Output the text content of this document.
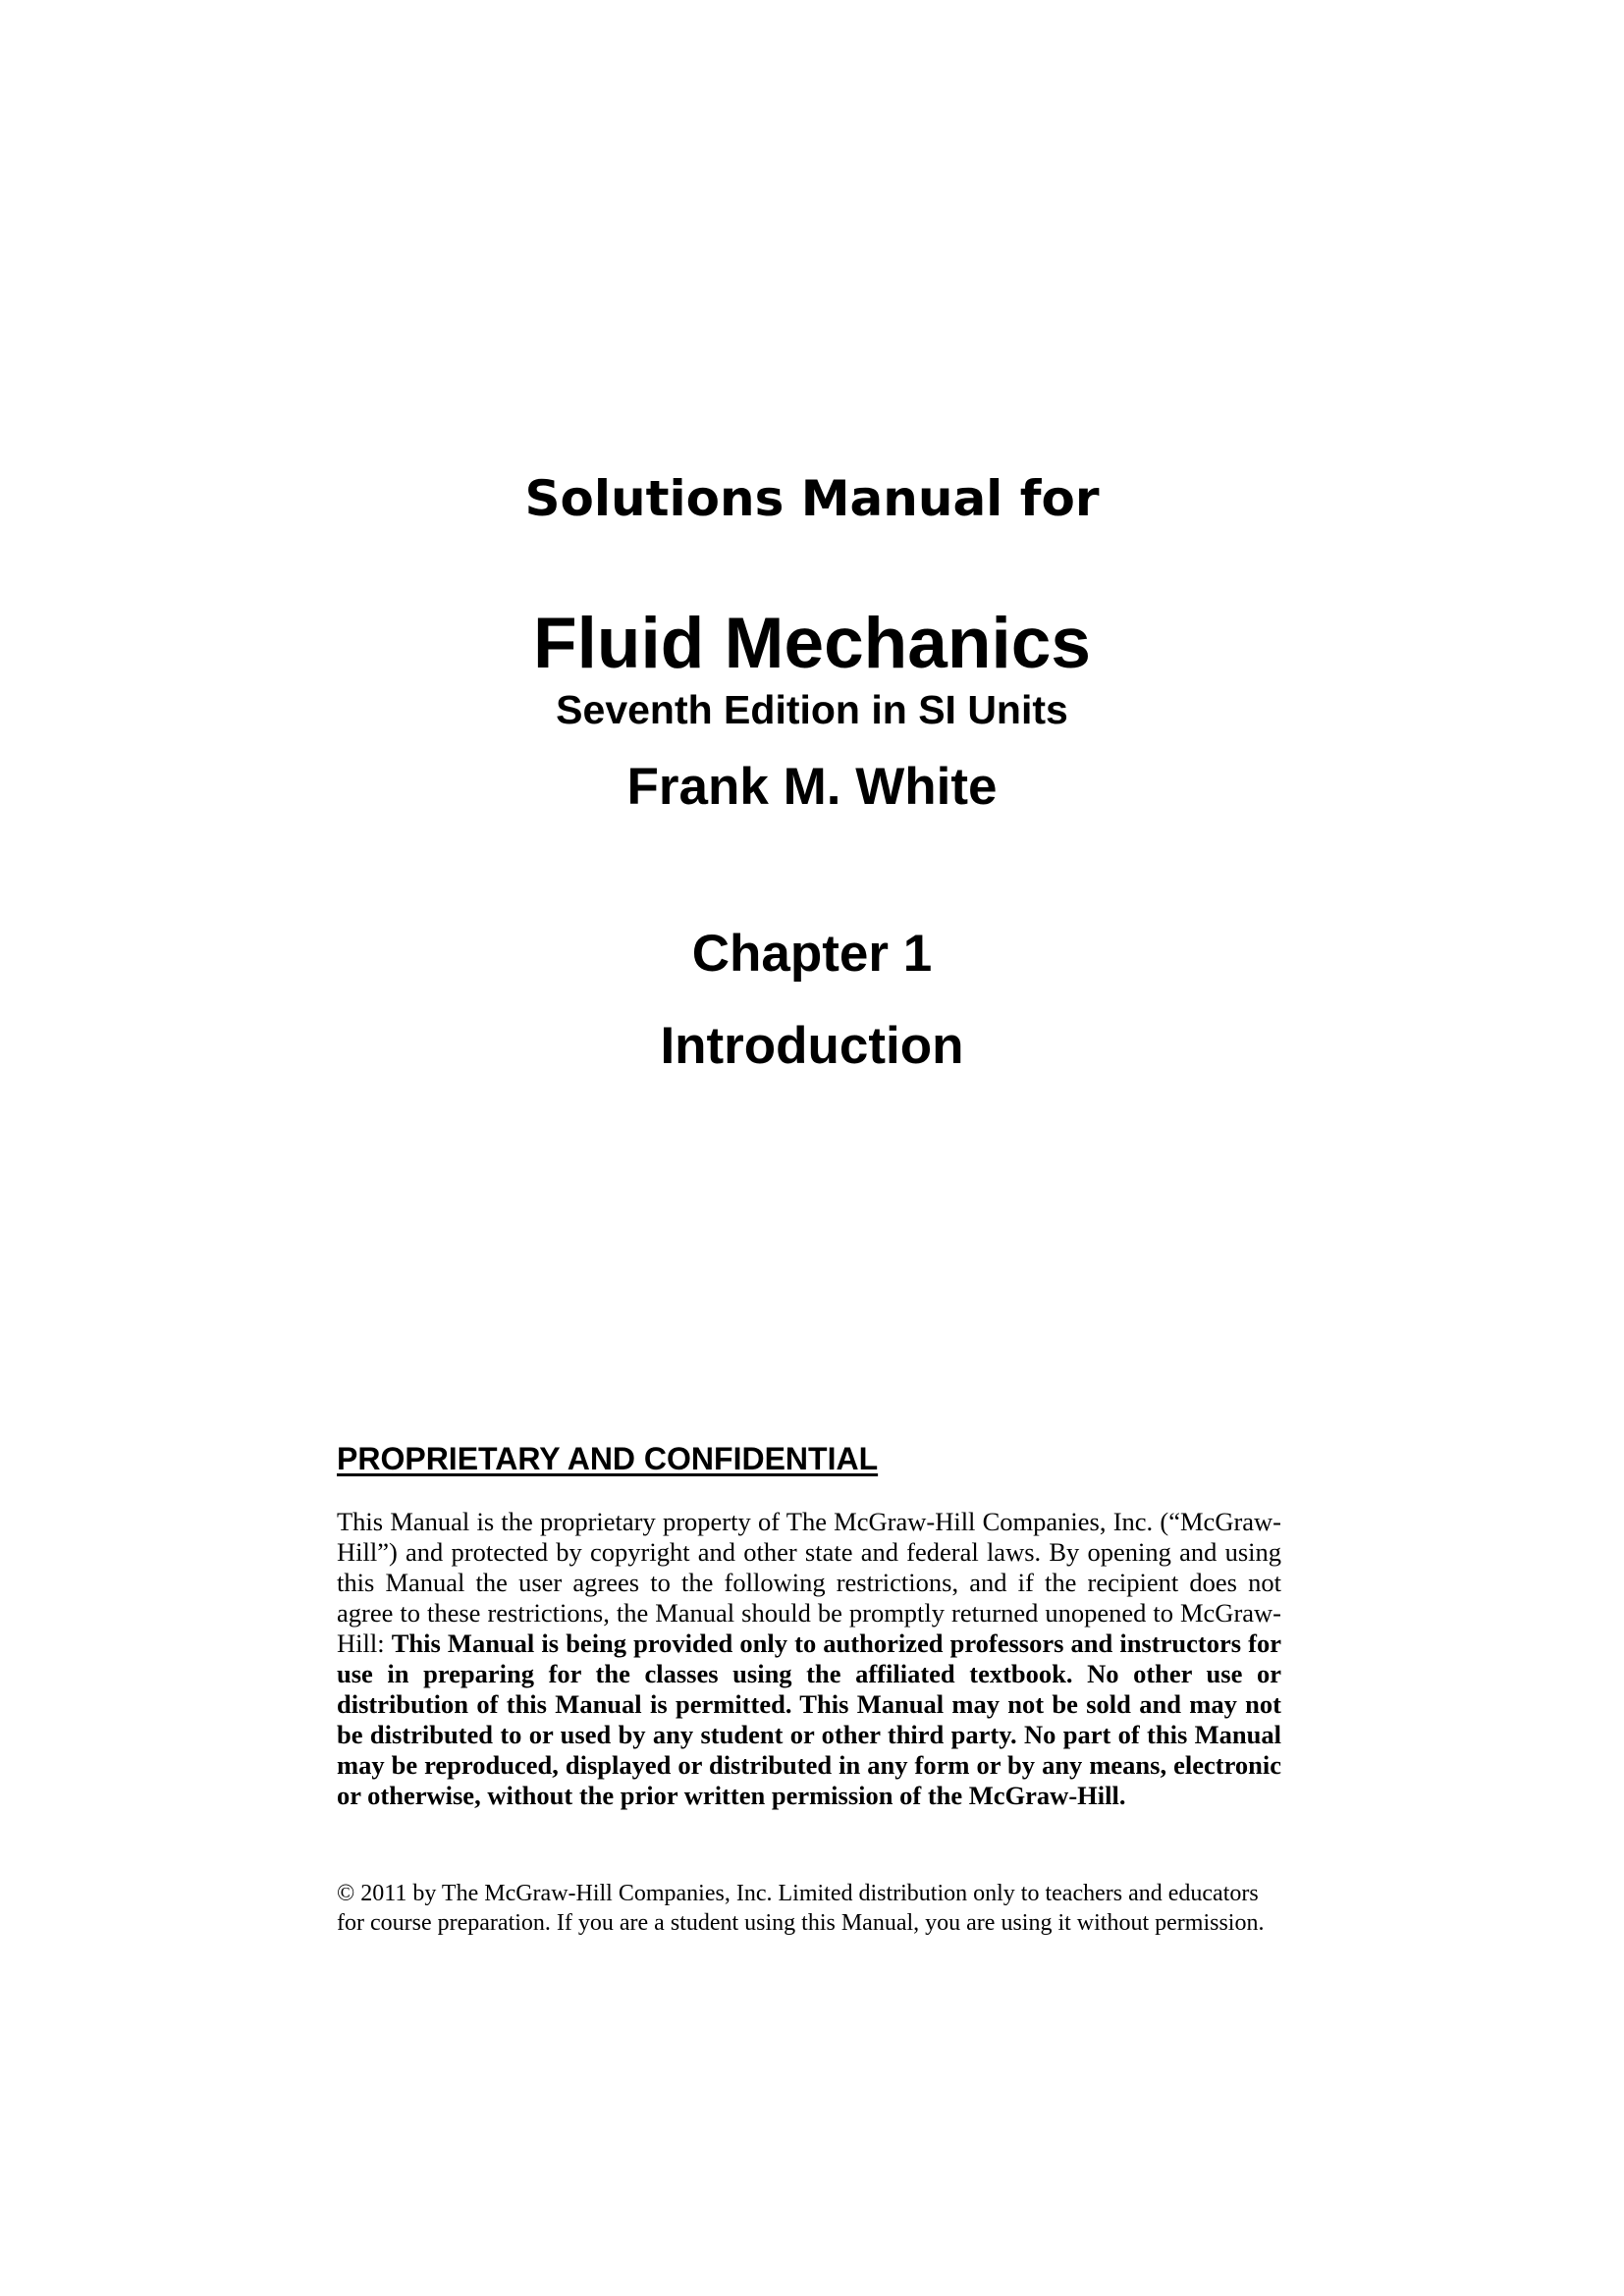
Solutions Manual for
Fluid Mechanics
Seventh Edition in SI Units
Frank M. White
Chapter 1
Introduction
PROPRIETARY AND CONFIDENTIAL
This Manual is the proprietary property of The McGraw-Hill Companies, Inc. (“McGraw-Hill”) and protected by copyright and other state and federal laws. By opening and using this Manual the user agrees to the following restrictions, and if the recipient does not agree to these restrictions, the Manual should be promptly returned unopened to McGraw-Hill: This Manual is being provided only to authorized professors and instructors for use in preparing for the classes using the affiliated textbook. No other use or distribution of this Manual is permitted. This Manual may not be sold and may not be distributed to or used by any student or other third party. No part of this Manual may be reproduced, displayed or distributed in any form or by any means, electronic or otherwise, without the prior written permission of the McGraw-Hill.
© 2011 by The McGraw-Hill Companies, Inc. Limited distribution only to teachers and educators
for course preparation. If you are a student using this Manual, you are using it without permission.
